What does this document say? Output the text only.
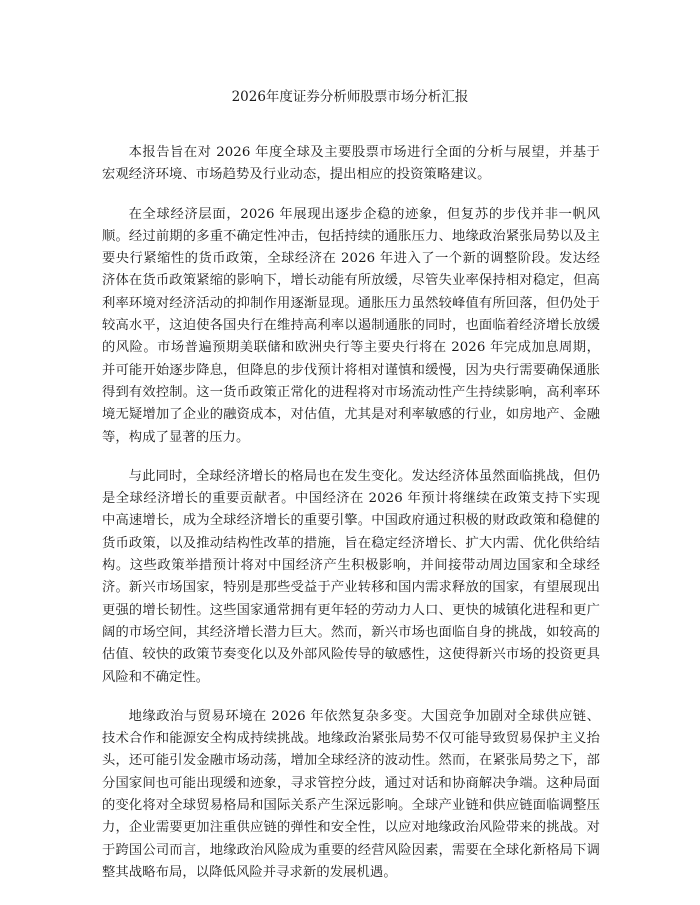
2026年度证券分析师股票市场分析汇报

本报告旨在对 2026 年度全球及主要股票市场进行全面的分析与展望，并基于宏观经济环境、市场趋势及行业动态，提出相应的投资策略建议。

在全球经济层面，2026 年展现出逐步企稳的迹象，但复苏的步伐并非一帆风顺。经过前期的多重不确定性冲击，包括持续的通胀压力、地缘政治紧张局势以及主要央行紧缩性的货币政策，全球经济在 2026 年进入了一个新的调整阶段。发达经济体在货币政策紧缩的影响下，增长动能有所放缓，尽管失业率保持相对稳定，但高利率环境对经济活动的抑制作用逐渐显现。通胀压力虽然较峰值有所回落，但仍处于较高水平，这迫使各国央行在维持高利率以遏制通胀的同时，也面临着经济增长放缓的风险。市场普遍预期美联储和欧洲央行等主要央行将在 2026 年完成加息周期，并可能开始逐步降息，但降息的步伐预计将相对谨慎和缓慢，因为央行需要确保通胀得到有效控制。这一货币政策正常化的进程将对市场流动性产生持续影响，高利率环境无疑增加了企业的融资成本，对估值，尤其是对利率敏感的行业，如房地产、金融等，构成了显著的压力。

与此同时，全球经济增长的格局也在发生变化。发达经济体虽然面临挑战，但仍是全球经济增长的重要贡献者。中国经济在 2026 年预计将继续在政策支持下实现中高速增长，成为全球经济增长的重要引擎。中国政府通过积极的财政政策和稳健的货币政策，以及推动结构性改革的措施，旨在稳定经济增长、扩大内需、优化供给结构。这些政策举措预计将对中国经济产生积极影响，并间接带动周边国家和全球经济。新兴市场国家，特别是那些受益于产业转移和国内需求释放的国家，有望展现出更强的增长韧性。这些国家通常拥有更年轻的劳动力人口、更快的城镇化进程和更广阔的市场空间，其经济增长潜力巨大。然而，新兴市场也面临自身的挑战，如较高的估值、较快的政策节奏变化以及外部风险传导的敏感性，这使得新兴市场的投资更具风险和不确定性。

地缘政治与贸易环境在 2026 年依然复杂多变。大国竞争加剧对全球供应链、技术合作和能源安全构成持续挑战。地缘政治紧张局势不仅可能导致贸易保护主义抬头，还可能引发金融市场动荡，增加全球经济的波动性。然而，在紧张局势之下，部分国家间也可能出现缓和迹象，寻求管控分歧，通过对话和协商解决争端。这种局面的变化将对全球贸易格局和国际关系产生深远影响。全球产业链和供应链面临调整压力，企业需要更加注重供应链的弹性和安全性，以应对地缘政治风险带来的挑战。对于跨国公司而言，地缘政治风险成为重要的经营风险因素，需要在全球化新格局下调整其战略布局，以降低风险并寻求新的发展机遇。
